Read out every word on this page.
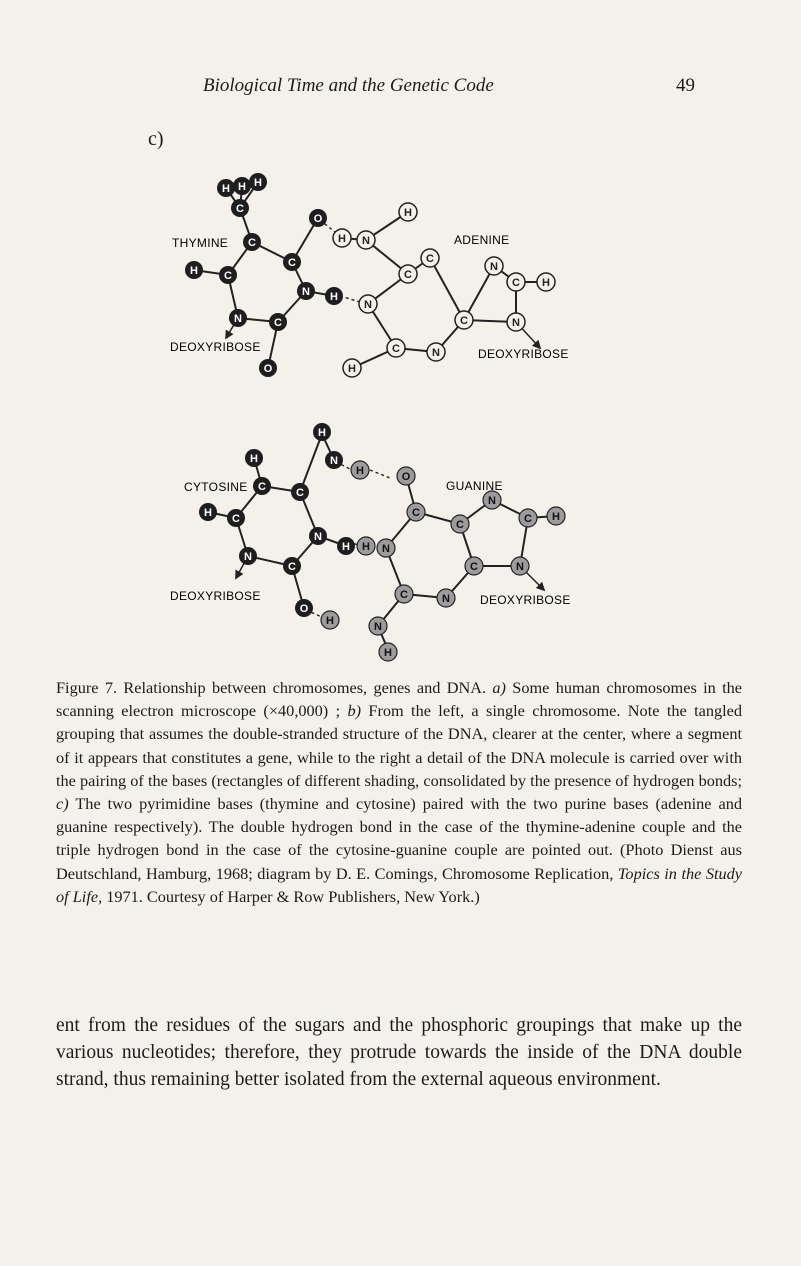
Biological Time and the Genetic Code	49
c)
H H
H
C
C
C
C
H
N	C
O
N
O
H
H N
H
C
C
N
C	N
C	N
C
N
H
H
THYMINE	ADENINE
DEOXYRIBOSE	DEOXYRIBOSE
H
N
H
C	C
C
H
N
N
C
O
H
H	O
C
C
N
C H
N
C
N
C
N
H
H	N
H
CYTOSINE	GUANINE
DEOXYRIBOSE	DEOXYRIBOSE
Figure 7. Relationship between chromosomes, genes and DNA. a) Some human chromosomes in the scanning electron microscope (×40,000) ; b) From the left, a single chromosome. Note the tangled grouping that assumes the double-stranded structure of the DNA, clearer at the center, where a segment of it appears that constitutes a gene, while to the right a detail of the DNA molecule is carried over with the pairing of the bases (rectangles of different shading, consolidated by the presence of hydrogen bonds; c) The two pyrimidine bases (thymine and cytosine) paired with the two purine bases (adenine and guanine respectively). The double hydrogen bond in the case of the thymine-adenine couple and the triple hydrogen bond in the case of the cytosine-guanine couple are pointed out. (Photo Dienst aus Deutschland, Hamburg, 1968; diagram by D. E. Comings, Chromosome Replication, Topics in the Study of Life, 1971. Courtesy of Harper & Row Publishers, New York.)
ent from the residues of the sugars and the phosphoric groupings that make up the various nucleotides; therefore, they protrude towards the inside of the DNA double strand, thus remaining better isolated from the external aqueous environment.
